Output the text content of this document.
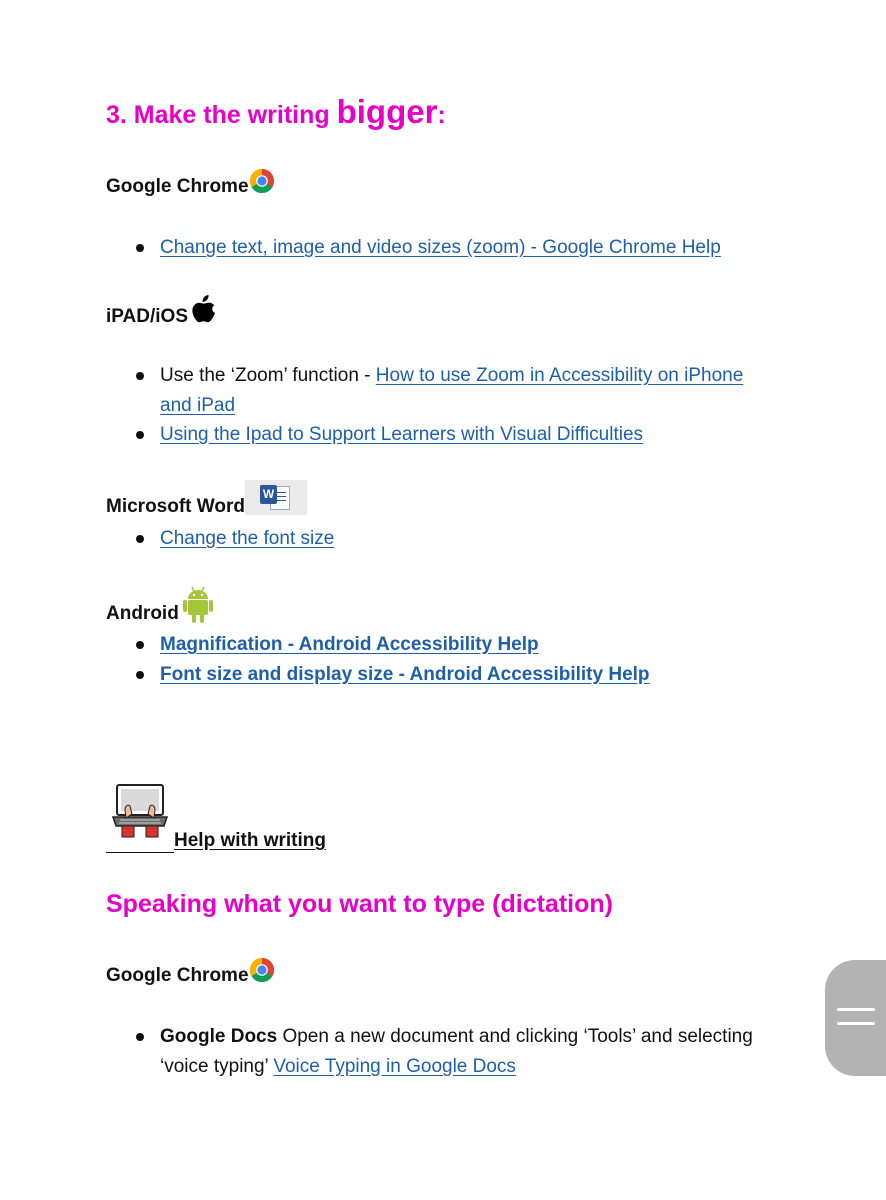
3. Make the writing bigger:
Google Chrome
Change text, image and video sizes (zoom) - Google Chrome Help
iPAD/iOS
Use the ‘Zoom’ function - How to use Zoom in Accessibility on iPhone
and iPad
Using the Ipad to Support Learners with Visual Difficulties
Microsoft Word
W
Change the font size
Android
Magnification - Android Accessibility Help
Font size and display size - Android Accessibility Help
Help with writing
Speaking what you want to type (dictation)
Google Chrome
Google Docs Open a new document and clicking ‘Tools’ and selecting
‘voice typing’ Voice Typing in Google Docs
